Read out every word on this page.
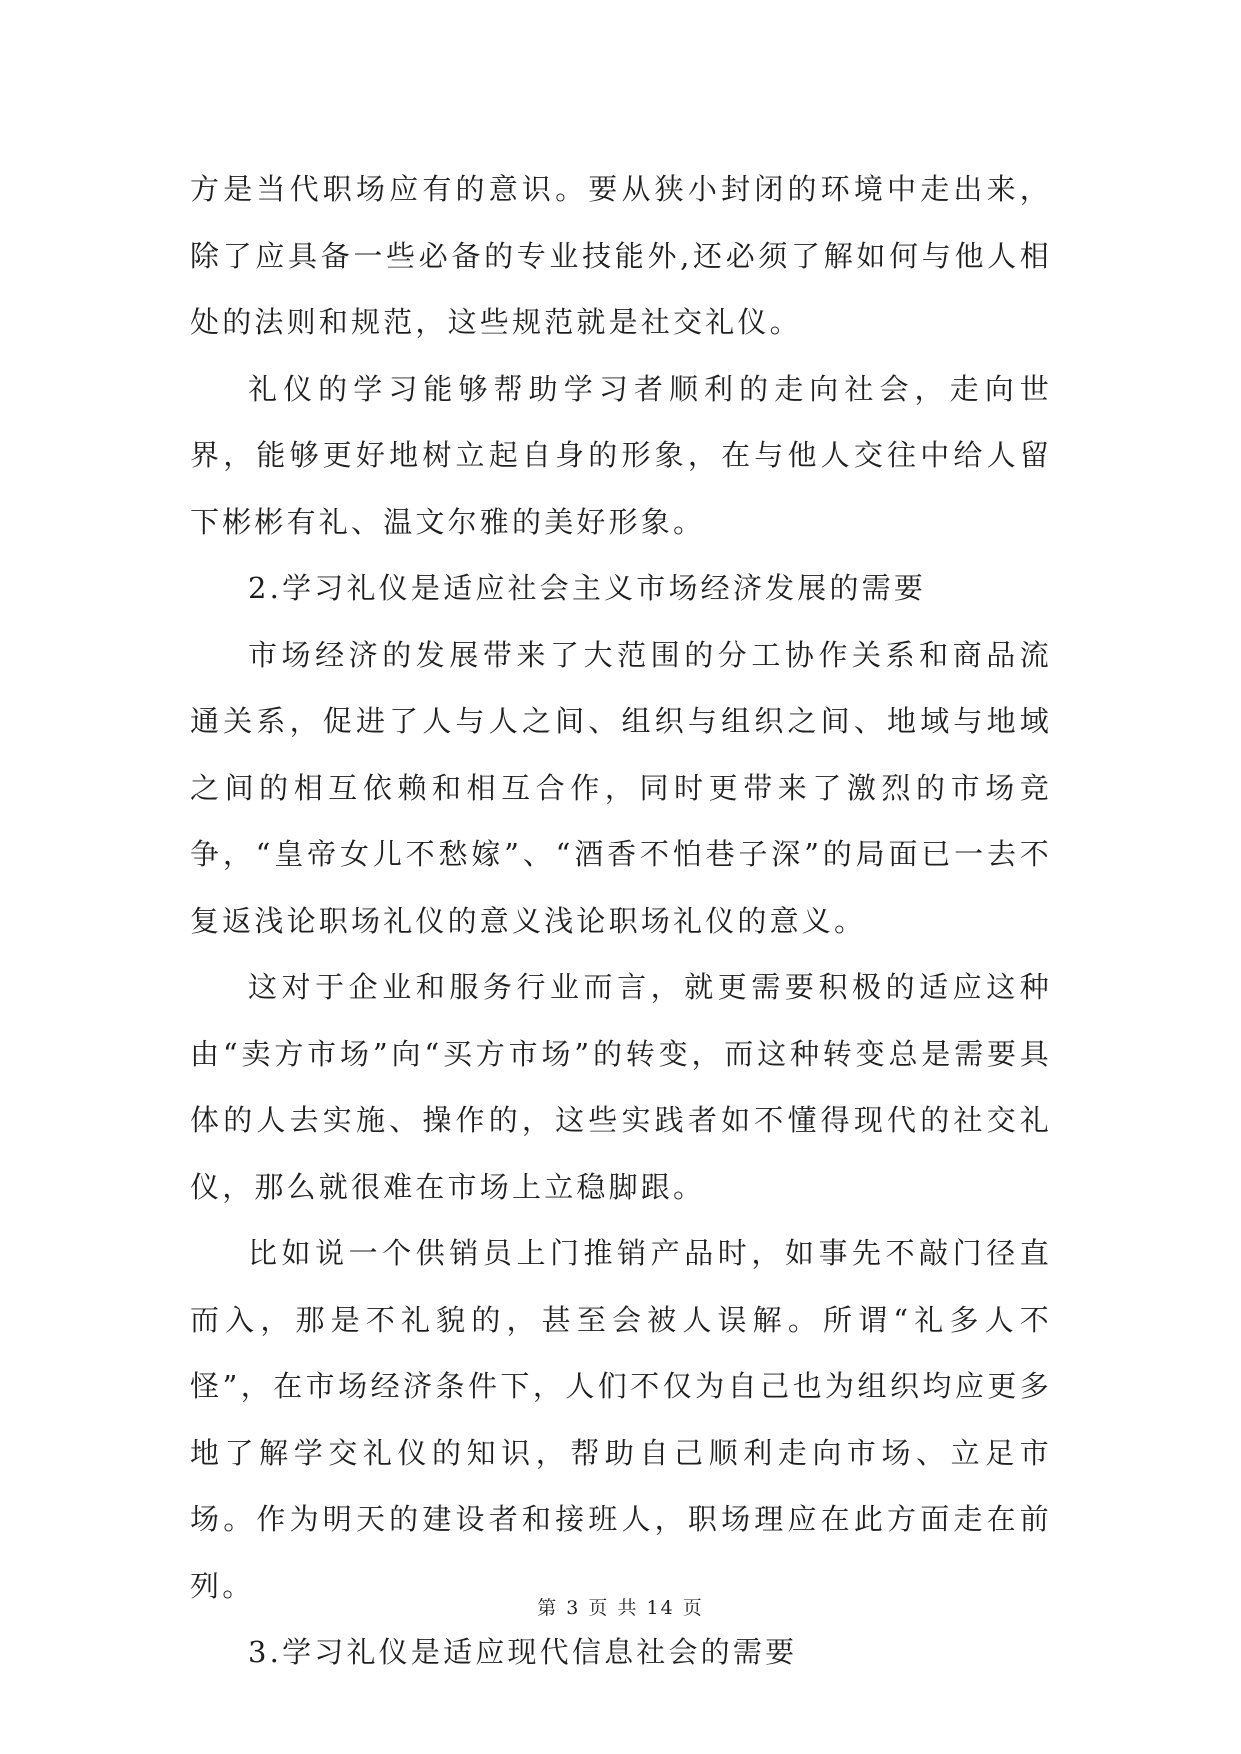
方是当代职场应有的意识。要从狭小封闭的环境中走出来，除了应具备一些必备的专业技能外,还必须了解如何与他人相处的法则和规范，这些规范就是社交礼仪。

礼仪的学习能够帮助学习者顺利的走向社会，走向世界，能够更好地树立起自身的形象，在与他人交往中给人留下彬彬有礼、温文尔雅的美好形象。

2.学习礼仪是适应社会主义市场经济发展的需要

市场经济的发展带来了大范围的分工协作关系和商品流通关系，促进了人与人之间、组织与组织之间、地域与地域之间的相互依赖和相互合作，同时更带来了激烈的市场竞争，“皇帝女儿不愁嫁”、“酒香不怕巷子深”的局面已一去不复返浅论职场礼仪的意义浅论职场礼仪的意义。

这对于企业和服务行业而言，就更需要积极的适应这种由“卖方市场”向“买方市场”的转变，而这种转变总是需要具体的人去实施、操作的，这些实践者如不懂得现代的社交礼仪，那么就很难在市场上立稳脚跟。

比如说一个供销员上门推销产品时，如事先不敲门径直而入，那是不礼貌的，甚至会被人误解。所谓“礼多人不怪”，在市场经济条件下，人们不仅为自己也为组织均应更多地了解学交礼仪的知识，帮助自己顺利走向市场、立足市场。作为明天的建设者和接班人，职场理应在此方面走在前列。

3.学习礼仪是适应现代信息社会的需要

第 3 页 共 14 页
